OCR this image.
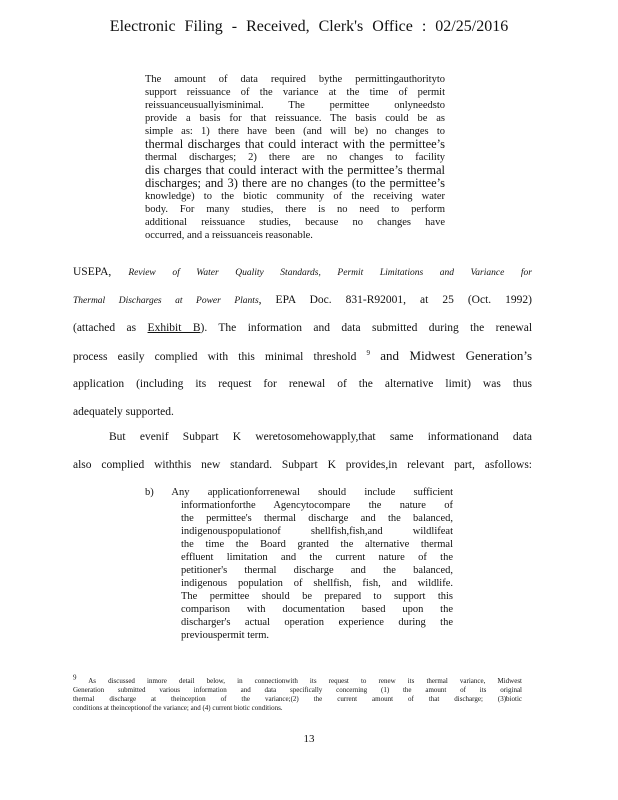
Electronic Filing - Received, Clerk's Office : 02/25/2016
The amount of data required bythe permittingauthorityto
support reissuance of the variance at the time of permit
reissuanceusuallyisminimal. The permittee onlyneedsto
provide a basis for that reissuance. The basis could be as
simple as: 1) there have been (and will be) no changes to
thermal discharges that could interact with the permittee’s
thermal discharges; 2) there are no changes to facility
dis charges that could interact with the permittee’s thermal
discharges; and 3) there are no changes (to the permittee’s
knowledge) to the biotic community of the receiving water
body. For many studies, there is no need to perform
additional reissuance studies, because no changes have
occurred, and a reissuanceis reasonable.
USEPA, Review of Water Quality Standards, Permit Limitations and Variance for
Thermal Discharges at Power Plants, EPA Doc. 831-R92001, at 25 (Oct. 1992)
(attached as Exhibit B). The information and data submitted during the renewal
process easily complied with this minimal threshold $^9$ and Midwest Generation’s
application (including its request for renewal of the alternative limit) was thus
adequately supported.
But evenif Subpart K weretosomehowapply,that same informationand data
also complied withthis new standard. Subpart K provides,in relevant part, asfollows:
b) Any applicationforrenewal should include sufficient
informationforthe Agencytocompare the nature of
the permittee's thermal discharge and the balanced,
indigenouspopulationof shellfish,fish,and wildlifeat
the time the Board granted the alternative thermal
effluent limitation and the current nature of the
petitioner's thermal discharge and the balanced,
indigenous population of shellfish, fish, and wildlife.
The permittee should be prepared to support this
comparison with documentation based upon the
discharger's actual operation experience during the
previouspermit term.
$^9$ As discussed inmore detail below, in connectionwith its request to renew its thermal variance, Midwest
Generation submitted various information and data specifically concerning (1) the amount of its original
thermal discharge at theinception of the variance;(2) the current amount of that discharge; (3)biotic
conditions at theinceptionof the variance; and (4) current biotic conditions.
13
